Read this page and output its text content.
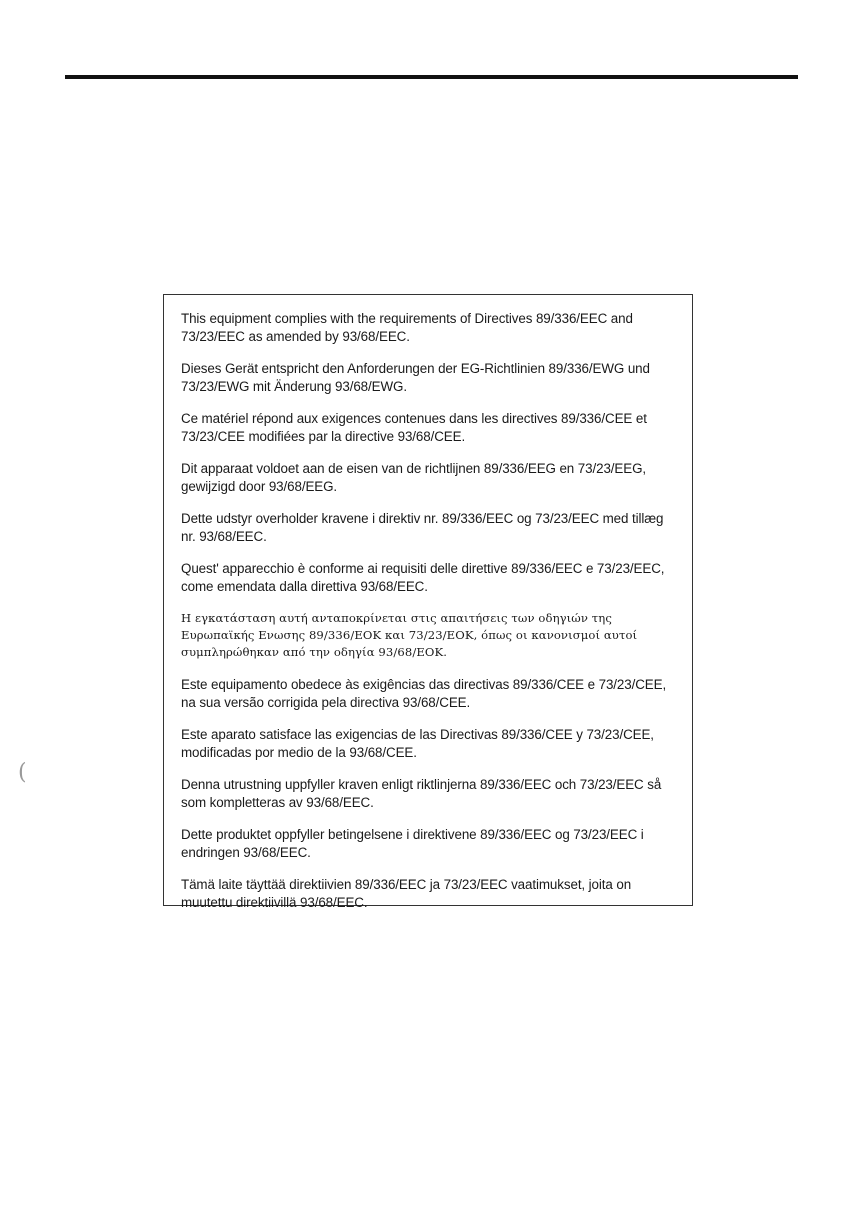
This equipment complies with the requirements of Directives 89/336/EEC and 73/23/EEC as amended by 93/68/EEC.

Dieses Gerät entspricht den Anforderungen der EG-Richtlinien 89/336/EWG und 73/23/EWG mit Änderung 93/68/EWG.

Ce matériel répond aux exigences contenues dans les directives 89/336/CEE et 73/23/CEE modifiées par la directive 93/68/CEE.

Dit apparaat voldoet aan de eisen van de richtlijnen 89/336/EEG en 73/23/EEG, gewijzigd door 93/68/EEG.

Dette udstyr overholder kravene i direktiv nr. 89/336/EEC og 73/23/EEC med tillæg nr. 93/68/EEC.

Quest' apparecchio è conforme ai requisiti delle direttive 89/336/EEC e 73/23/EEC, come emendata dalla direttiva 93/68/EEC.

Η εγκατάσταση αυτή ανταποκρίνεται στις απαιτήσεις των οδηγιών της Ευρωπαϊκής Ενωσης 89/336/ΕΟΚ και 73/23/ΕΟΚ, όπως οι κανονισμοί αυτοί συμπληρώθηκαν από την οδηγία 93/68/ΕΟΚ.

Este equipamento obedece às exigências das directivas 89/336/CEE e 73/23/CEE, na sua versão corrigida pela directiva 93/68/CEE.

Este aparato satisface las exigencias de las Directivas 89/336/CEE y 73/23/CEE, modificadas por medio de la 93/68/CEE.

Denna utrustning uppfyller kraven enligt riktlinjerna 89/336/EEC och 73/23/EEC så som kompletteras av 93/68/EEC.

Dette produktet oppfyller betingelsene i direktivene 89/336/EEC og 73/23/EEC i endringen 93/68/EEC.

Tämä laite täyttää direktiivien 89/336/EEC ja 73/23/EEC vaatimukset, joita on muutettu direktiivillä 93/68/EEC.

(
